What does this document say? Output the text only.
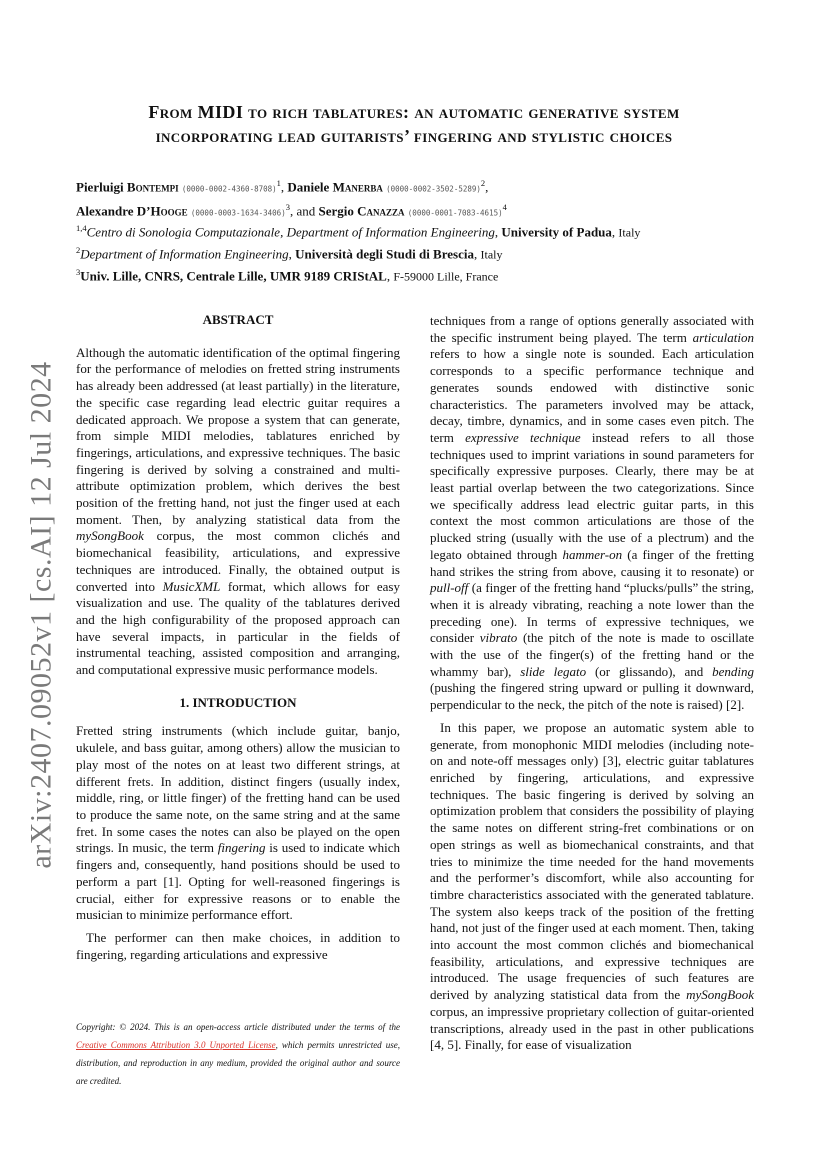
arXiv:2407.09052v1 [cs.AI] 12 Jul 2024
From MIDI to rich tablatures: an automatic generative system
incorporating lead guitarists’ fingering and stylistic choices
Pierluigi Bontempi $(0000-0002-4360-8708)^1$, Daniele Manerba $(0000-0002-3502-5289)^2$,
Alexandre D’Hooge $(0000-0003-1634-3406)^3$, and Sergio Canazza $(0000-0001-7083-4615)^4$
$^{1,4}$Centro di Sonologia Computazionale, Department of Information Engineering, University of Padua, Italy
$^2$Department of Information Engineering, Università degli Studi di Brescia, Italy
$^3$Univ. Lille, CNRS, Centrale Lille, UMR 9189 CRIStAL, F-59000 Lille, France

ABSTRACT

Although the automatic identification of the optimal fingering for the performance of melodies on fretted string instruments has already been addressed (at least partially) in the literature, the specific case regarding lead electric guitar requires a dedicated approach. We propose a system that can generate, from simple MIDI melodies, tablatures enriched by fingerings, articulations, and expressive techniques. The basic fingering is derived by solving a constrained and multi-attribute optimization problem, which derives the best position of the fretting hand, not just the finger used at each moment. Then, by analyzing statistical data from the mySongBook corpus, the most common clichés and biomechanical feasibility, articulations, and expressive techniques are introduced. Finally, the obtained output is converted into MusicXML format, which allows for easy visualization and use. The quality of the tablatures derived and the high configurability of the proposed approach can have several impacts, in particular in the fields of instrumental teaching, assisted composition and arranging, and computational expressive music performance models.

1. INTRODUCTION

Fretted string instruments (which include guitar, banjo, ukulele, and bass guitar, among others) allow the musician to play most of the notes on at least two different strings, at different frets. In addition, distinct fingers (usually index, middle, ring, or little finger) of the fretting hand can be used to produce the same note, on the same string and at the same fret. In some cases the notes can also be played on the open strings. In music, the term fingering is used to indicate which fingers and, consequently, hand positions should be used to perform a part [1]. Opting for well-reasoned fingerings is crucial, either for expressive reasons or to enable the musician to minimize performance effort.

The performer can then make choices, in addition to fingering, regarding articulations and expressive

Copyright: © 2024. This is an open-access article distributed under the terms of the Creative Commons Attribution 3.0 Unported License, which permits unrestricted use, distribution, and reproduction in any medium, provided the original author and source are credited.

techniques from a range of options generally associated with the specific instrument being played. The term articulation refers to how a single note is sounded. Each articulation corresponds to a specific performance technique and generates sounds endowed with distinctive sonic characteristics. The parameters involved may be attack, decay, timbre, dynamics, and in some cases even pitch. The term expressive technique instead refers to all those techniques used to imprint variations in sound parameters for specifically expressive purposes. Clearly, there may be at least partial overlap between the two categorizations. Since we specifically address lead electric guitar parts, in this context the most common articulations are those of the plucked string (usually with the use of a plectrum) and the legato obtained through hammer-on (a finger of the fretting hand strikes the string from above, causing it to resonate) or pull-off (a finger of the fretting hand “plucks/pulls” the string, when it is already vibrating, reaching a note lower than the preceding one). In terms of expressive techniques, we consider vibrato (the pitch of the note is made to oscillate with the use of the finger(s) of the fretting hand or the whammy bar), slide legato (or glissando), and bending (pushing the fingered string upward or pulling it downward, perpendicular to the neck, the pitch of the note is raised) [2].

In this paper, we propose an automatic system able to generate, from monophonic MIDI melodies (including note-on and note-off messages only) [3], electric guitar tablatures enriched by fingering, articulations, and expressive techniques. The basic fingering is derived by solving an optimization problem that considers the possibility of playing the same notes on different string-fret combinations or on open strings as well as biomechanical constraints, and that tries to minimize the time needed for the hand movements and the performer’s discomfort, while also accounting for timbre characteristics associated with the generated tablature. The system also keeps track of the position of the fretting hand, not just of the finger used at each moment. Then, taking into account the most common clichés and biomechanical feasibility, articulations, and expressive techniques are introduced. The usage frequencies of such features are derived by analyzing statistical data from the mySongBook corpus, an impressive proprietary collection of guitar-oriented transcriptions, already used in the past in other publications [4, 5]. Finally, for ease of visualization
